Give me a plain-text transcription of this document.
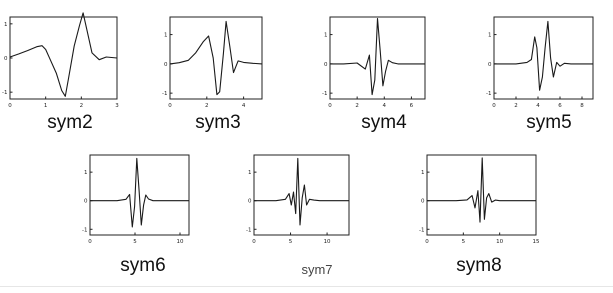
1
0
-1
0	1	2	3
1
0
-1
0	2	4
1
0
-1
0	2	4	6
1
0
-1
0	2	4	6	8
1
0
-1
0	5	10
1
0
-1
0	5	10
1
0
-1
0	5	10	15
sym2	sym3	sym4	sym5
sym6	sym7	sym8
